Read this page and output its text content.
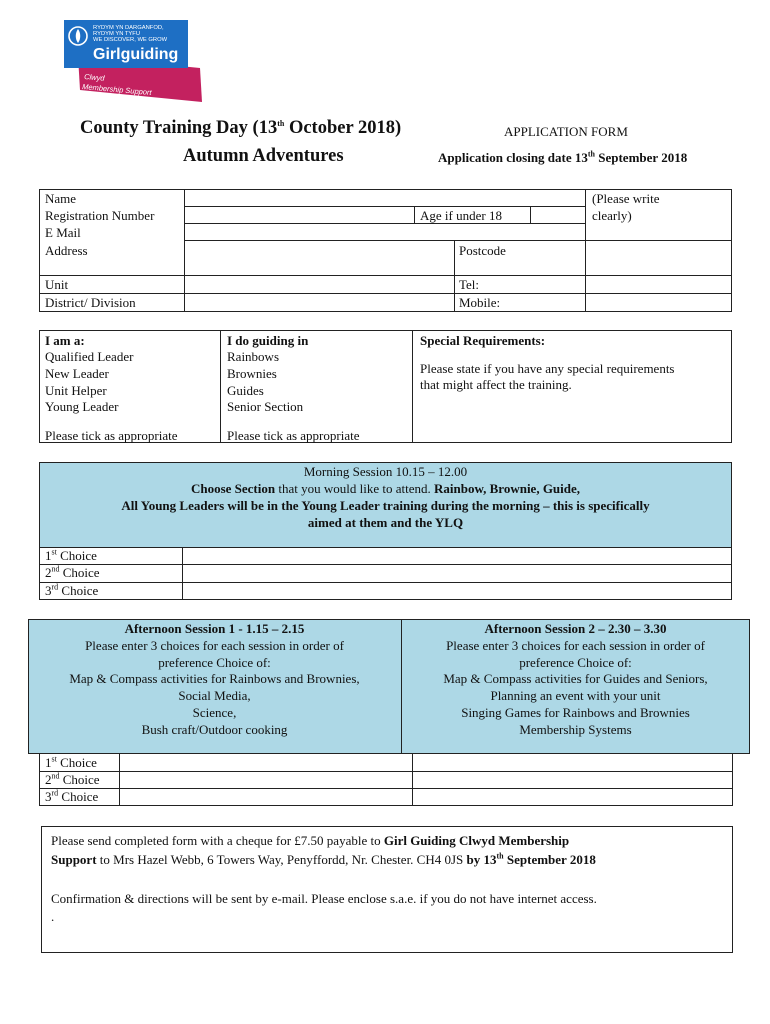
RYDYM YN DARGANFOD,
RYDYM YN TYFU
WE DISCOVER, WE GROW
Girlguiding
Clwyd
Membership Support
County Training Day (13th October 2018)
Autumn Adventures
APPLICATION FORM
Application closing date 13th September 2018
Name
Registration Number	Age if under 18
E Mail
Address	Postcode
Unit	Tel:
District/ Division	Mobile:
(Please write
clearly)
I am a:
Qualified Leader
New Leader
Unit Helper
Young Leader
Please tick as appropriate
I do guiding in
Rainbows
Brownies
Guides
Senior Section
Please tick as appropriate
Special Requirements:
Please state if you have any special requirements
that might affect the training.
Morning Session 10.15 – 12.00
Choose Section that you would like to attend. Rainbow, Brownie, Guide,
All Young Leaders will be in the Young Leader training during the morning – this is specifically
aimed at them and the YLQ
1st Choice
2nd Choice
3rd Choice
Afternoon Session 1 - 1.15 – 2.15
Please enter 3 choices for each session in order of
preference Choice of:
Map & Compass activities for Rainbows and Brownies,
Social Media,
Science,
Bush craft/Outdoor cooking
Afternoon Session 2 – 2.30 – 3.30
Please enter 3 choices for each session in order of
preference Choice of:
Map & Compass activities for Guides and Seniors,
Planning an event with your unit
Singing Games for Rainbows and Brownies
Membership Systems
1st Choice
2nd Choice
3rd Choice
Please send completed form with a cheque for £7.50 payable to Girl Guiding Clwyd Membership
Support to Mrs Hazel Webb, 6 Towers Way, Penyffordd, Nr. Chester. CH4 0JS by 13th September 2018
Confirmation & directions will be sent by e-mail. Please enclose s.a.e. if you do not have internet access.
.
